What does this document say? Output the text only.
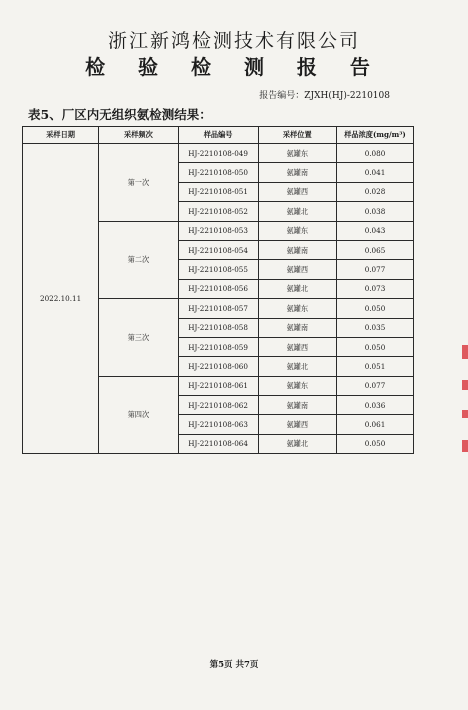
浙江新鸿检测技术有限公司
检 验 检 测 报 告
报告编号：ZJXH(HJ)-2210108
表5、厂区内无组织氨检测结果：
采样日期	采样频次	样品编号	采样位置	样品浓度(mg/m³)
2022.10.11	第一次	HJ-2210108-049	氨罐东	0.080
		HJ-2210108-050	氨罐南	0.041
		HJ-2210108-051	氨罐西	0.028
		HJ-2210108-052	氨罐北	0.038
	第二次	HJ-2210108-053	氨罐东	0.043
		HJ-2210108-054	氨罐南	0.065
		HJ-2210108-055	氨罐西	0.077
		HJ-2210108-056	氨罐北	0.073
	第三次	HJ-2210108-057	氨罐东	0.050
		HJ-2210108-058	氨罐南	0.035
		HJ-2210108-059	氨罐西	0.050
		HJ-2210108-060	氨罐北	0.051
	第四次	HJ-2210108-061	氨罐东	0.077
		HJ-2210108-062	氨罐南	0.036
		HJ-2210108-063	氨罐西	0.061
		HJ-2210108-064	氨罐北	0.050
第5页 共7页
